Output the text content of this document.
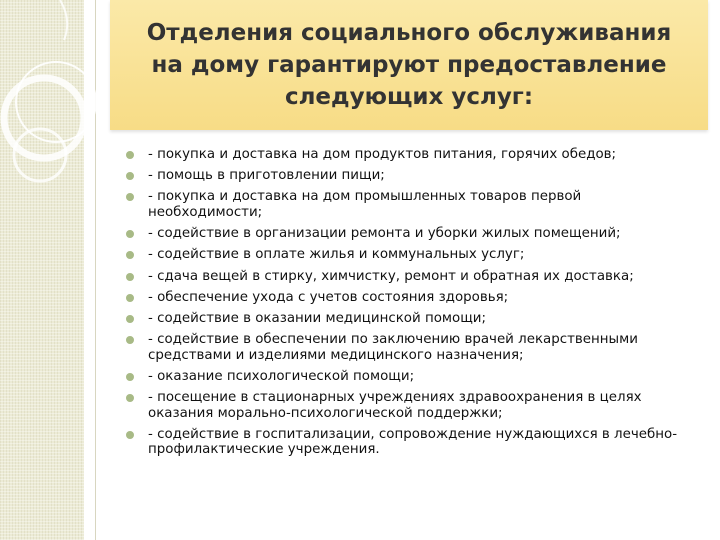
Отделения социального обслуживания на дому гарантируют предоставление следующих услуг:
- покупка и доставка на дом продуктов питания, горячих обедов;
- помощь в приготовлении пищи;
- покупка и доставка на дом промышленных товаров первой необходимости;
- содействие в организации ремонта и уборки жилых помещений;
- содействие в оплате жилья и коммунальных услуг;
- сдача вещей в стирку, химчистку, ремонт и обратная их доставка;
- обеспечение ухода с учетов состояния здоровья;
- содействие в оказании медицинской помощи;
- содействие в обеспечении по заключению врачей лекарственными средствами и изделиями медицинского назначения;
- оказание психологической помощи;
- посещение в стационарных учреждениях здравоохранения в целях оказания морально-психологической поддержки;
- содействие в госпитализации, сопровождение нуждающихся в лечебно-профилактические учреждения.
